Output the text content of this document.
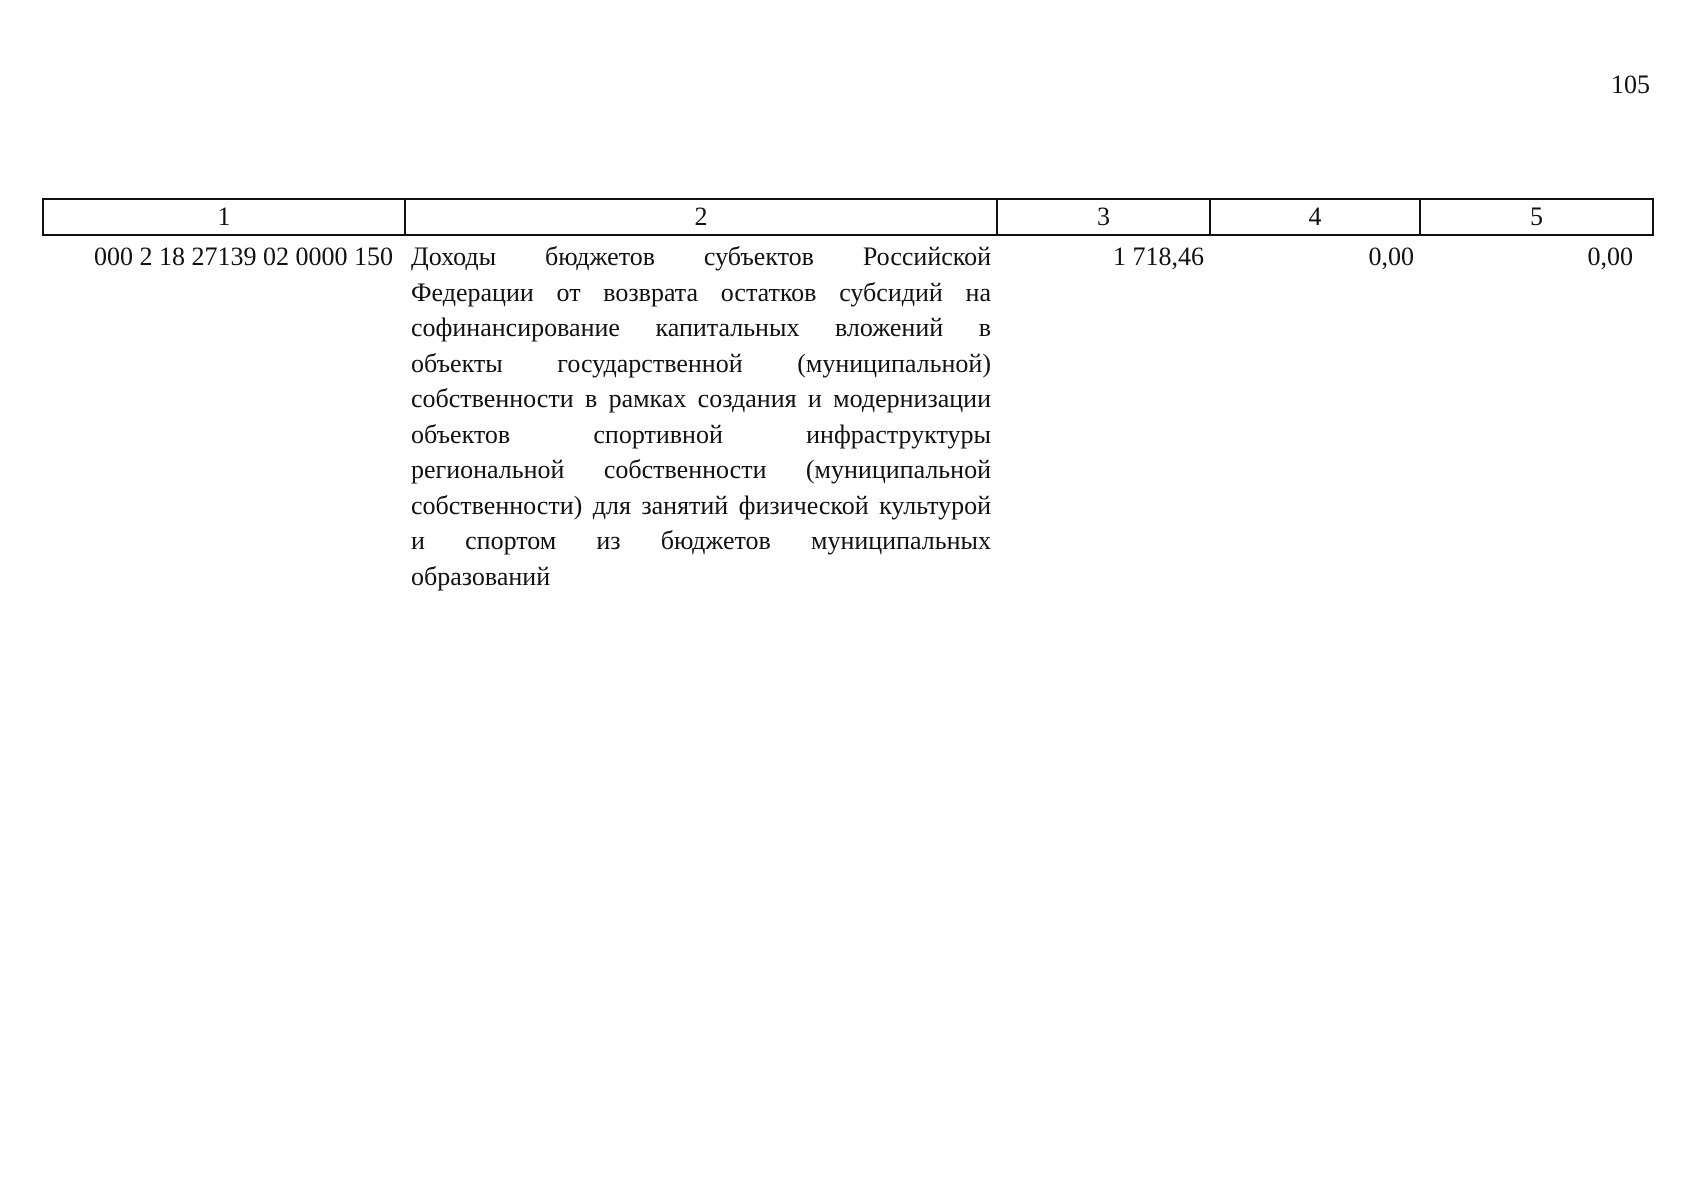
105
1	2	3	4	5
000 2 18 27139 02 0000 150	Доходы бюджетов субъектов Российской Федерации от возврата остатков субсидий на софинансирование капитальных вложений в объекты государственной (муниципальной) собственности в рамках создания и модернизации объектов спортивной инфраструктуры региональной собственности (муниципальной собственности) для занятий физической культурой и спортом из бюджетов муниципальных образований	1 718,46	0,00	0,00
